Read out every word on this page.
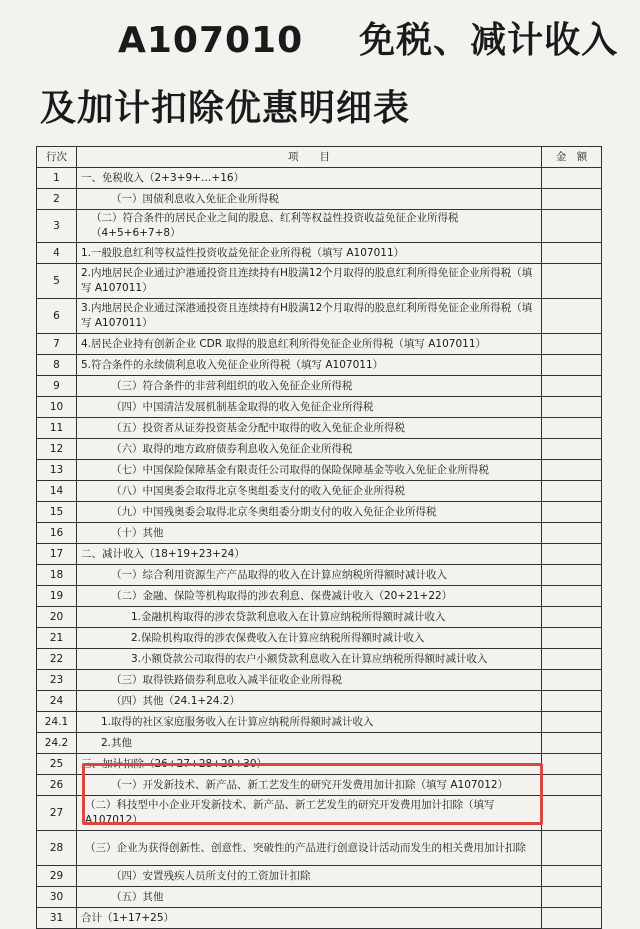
A107010 免税、减计收入
及加计扣除优惠明细表
行次	项　　目	金　额
1	一、免税收入（2+3+9+…+16）	
2	（一）国债利息收入免征企业所得税	
3	（二）符合条件的居民企业之间的股息、红利等权益性投资收益免征企业所得税（4+5+6+7+8）	
4	1.一般股息红利等权益性投资收益免征企业所得税（填写 A107011）	
5	2.内地居民企业通过沪港通投资且连续持有H股满12个月取得的股息红利所得免征企业所得税（填写 A107011）	
6	3.内地居民企业通过深港通投资且连续持有H股满12个月取得的股息红利所得免征企业所得税（填写 A107011）	
7	4.居民企业持有创新企业 CDR 取得的股息红利所得免征企业所得税（填写 A107011）	
8	5.符合条件的永续债利息收入免征企业所得税（填写 A107011）	
9	（三）符合条件的非营利组织的收入免征企业所得税	
10	（四）中国清洁发展机制基金取得的收入免征企业所得税	
11	（五）投资者从证券投资基金分配中取得的收入免征企业所得税	
12	（六）取得的地方政府债券利息收入免征企业所得税	
13	（七）中国保险保障基金有限责任公司取得的保险保障基金等收入免征企业所得税	
14	（八）中国奥委会取得北京冬奥组委支付的收入免征企业所得税	
15	（九）中国残奥委会取得北京冬奥组委分期支付的收入免征企业所得税	
16	（十）其他	
17	二、减计收入（18+19+23+24）	
18	（一）综合利用资源生产产品取得的收入在计算应纳税所得额时减计收入	
19	（二）金融、保险等机构取得的涉农利息、保费减计收入（20+21+22）	
20	1.金融机构取得的涉农贷款利息收入在计算应纳税所得额时减计收入	
21	2.保险机构取得的涉农保费收入在计算应纳税所得额时减计收入	
22	3.小额贷款公司取得的农户小额贷款利息收入在计算应纳税所得额时减计收入	
23	（三）取得铁路债券利息收入减半征收企业所得税	
24	（四）其他（24.1+24.2）	
24.1	1.取得的社区家庭服务收入在计算应纳税所得额时减计收入	
24.2	2.其他	
25	三、加计扣除（26+27+28+29+30）	
26	（一）开发新技术、新产品、新工艺发生的研究开发费用加计扣除（填写 A107012）	
27	（二）科技型中小企业开发新技术、新产品、新工艺发生的研究开发费用加计扣除（填写 A107012）	
28	（三）企业为获得创新性、创意性、突破性的产品进行创意设计活动而发生的相关费用加计扣除	
29	（四）安置残疾人员所支付的工资加计扣除	
30	（五）其他	
31	合计（1+17+25）	
